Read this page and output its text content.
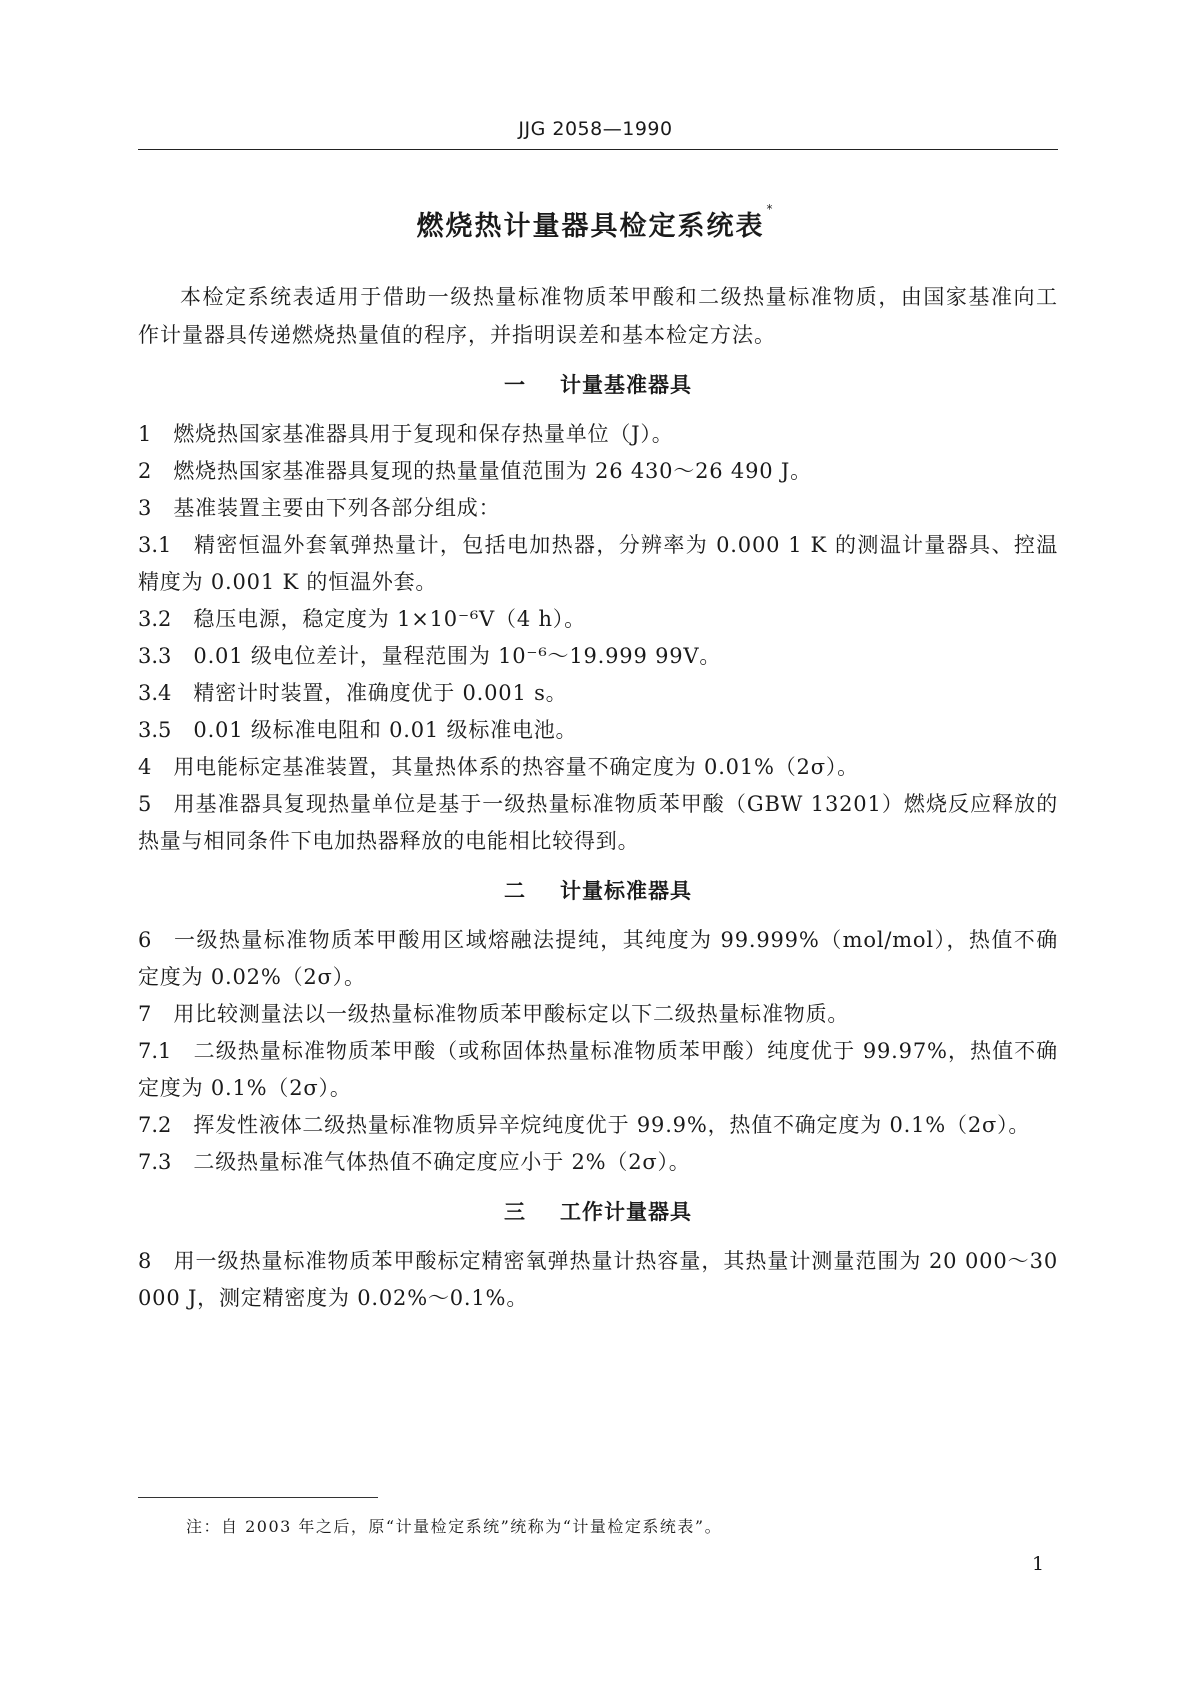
JJG 2058—1990
燃烧热计量器具检定系统表*
本检定系统表适用于借助一级热量标准物质苯甲酸和二级热量标准物质，由国家基准向工作计量器具传递燃烧热量值的程序，并指明误差和基本检定方法。
一 计量基准器具
1 燃烧热国家基准器具用于复现和保存热量单位（J）。
2 燃烧热国家基准器具复现的热量量值范围为 26 430～26 490 J。
3 基准装置主要由下列各部分组成：
3.1 精密恒温外套氧弹热量计，包括电加热器，分辨率为 0.000 1 K 的测温计量器具、控温精度为 0.001 K 的恒温外套。
3.2 稳压电源，稳定度为 1×10⁻⁶V（4 h）。
3.3 0.01 级电位差计，量程范围为 10⁻⁶～19.999 99V。
3.4 精密计时装置，准确度优于 0.001 s。
3.5 0.01 级标准电阻和 0.01 级标准电池。
4 用电能标定基准装置，其量热体系的热容量不确定度为 0.01%（2σ）。
5 用基准器具复现热量单位是基于一级热量标准物质苯甲酸（GBW 13201）燃烧反应释放的热量与相同条件下电加热器释放的电能相比较得到。
二 计量标准器具
6 一级热量标准物质苯甲酸用区域熔融法提纯，其纯度为 99.999%（mol/mol），热值不确定度为 0.02%（2σ）。
7 用比较测量法以一级热量标准物质苯甲酸标定以下二级热量标准物质。
7.1 二级热量标准物质苯甲酸（或称固体热量标准物质苯甲酸）纯度优于 99.97%，热值不确定度为 0.1%（2σ）。
7.2 挥发性液体二级热量标准物质异辛烷纯度优于 99.9%，热值不确定度为 0.1%（2σ）。
7.3 二级热量标准气体热值不确定度应小于 2%（2σ）。
三 工作计量器具
8 用一级热量标准物质苯甲酸标定精密氧弹热量计热容量，其热量计测量范围为 20 000～30 000 J，测定精密度为 0.02%～0.1%。
注：自 2003 年之后，原“计量检定系统”统称为“计量检定系统表”。
1
